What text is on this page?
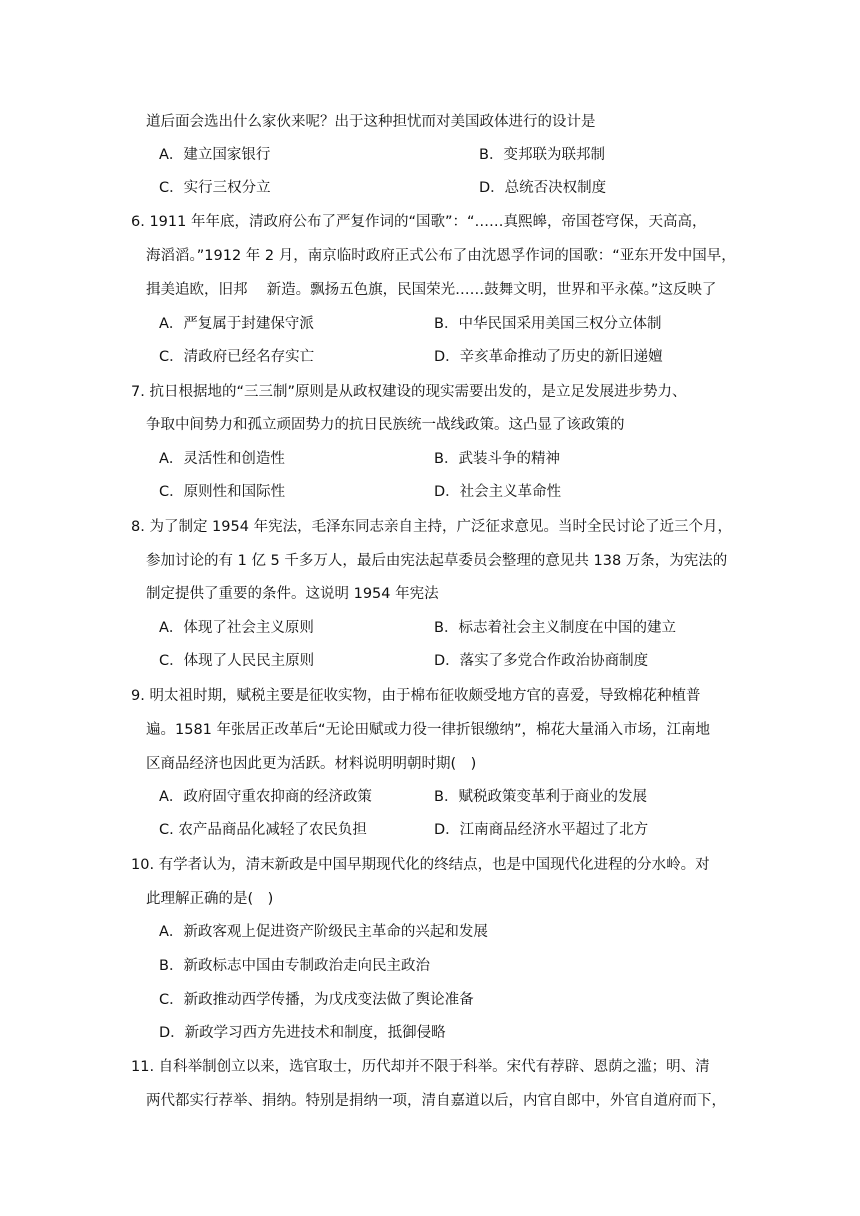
道后面会选出什么家伙来呢？出于这种担忧而对美国政体进行的设计是
A．建立国家银行	B．变邦联为联邦制
C．实行三权分立	D．总统否决权制度
6. 1911 年年底，清政府公布了严复作词的“国歌”：“……真熙皞，帝国苍穹保，天高高，
海滔滔。”1912 年 2 月，南京临时政府正式公布了由沈恩孚作词的国歌：“亚东开发中国早，
揖美追欧，旧邦　 新造。飘扬五色旗，民国荣光……鼓舞文明，世界和平永葆。”这反映了
A．严复属于封建保守派	B．中华民国采用美国三权分立体制
C．清政府已经名存实亡	D．辛亥革命推动了历史的新旧递嬗
7. 抗日根据地的“三三制”原则是从政权建设的现实需要出发的，是立足发展进步势力、
争取中间势力和孤立顽固势力的抗日民族统一战线政策。这凸显了该政策的
A．灵活性和创造性	B．武装斗争的精神
C．原则性和国际性	D．社会主义革命性
8. 为了制定 1954 年宪法，毛泽东同志亲自主持，广泛征求意见。当时全民讨论了近三个月，
参加讨论的有 1 亿 5 千多万人，最后由宪法起草委员会整理的意见共 138 万条，为宪法的
制定提供了重要的条件。这说明 1954 年宪法
A．体现了社会主义原则	B．标志着社会主义制度在中国的建立
C．体现了人民民主原则	D．落实了多党合作政治协商制度
9. 明太祖时期，赋税主要是征收实物，由于棉布征收颇受地方官的喜爱，导致棉花种植普
遍。1581 年张居正改革后“无论田赋或力役一律折银缴纳”，棉花大量涌入市场，江南地
区商品经济也因此更为活跃。材料说明明朝时期(　)
A．政府固守重农抑商的经济政策	B．赋税政策变革利于商业的发展
C. 农产品商品化减轻了农民负担	D．江南商品经济水平超过了北方
10. 有学者认为，清末新政是中国早期现代化的终结点，也是中国现代化进程的分水岭。对
此理解正确的是(　)
A．新政客观上促进资产阶级民主革命的兴起和发展
B．新政标志中国由专制政治走向民主政治
C．新政推动西学传播，为戊戌变法做了舆论准备
D．新政学习西方先进技术和制度，抵御侵略
11. 自科举制创立以来，选官取士，历代却并不限于科举。宋代有荐辟、恩荫之滥；明、清
两代都实行荐举、捐纳。特别是捐纳一项，清自嘉道以后，内官自郎中，外官自道府而下，
